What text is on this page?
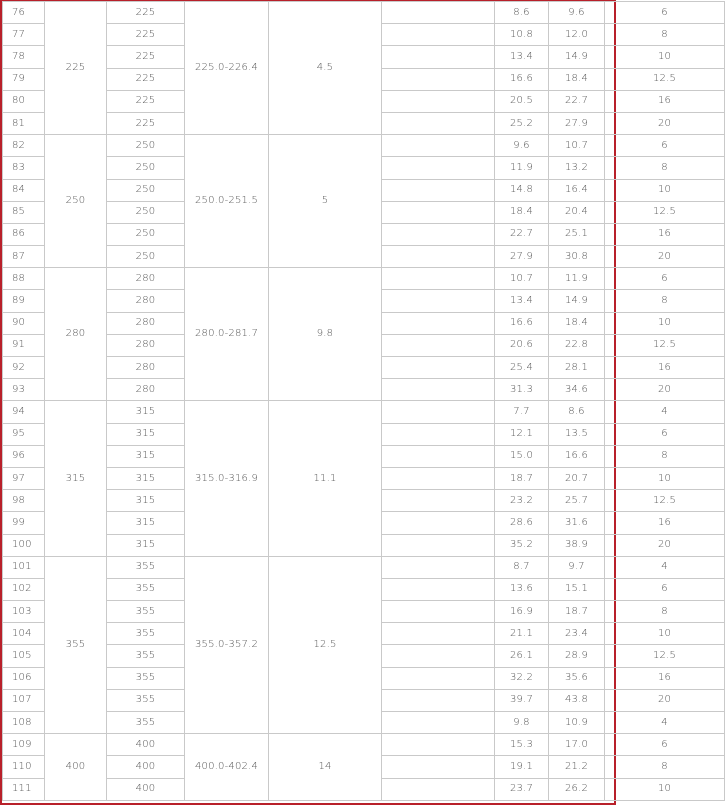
76	225	225	225.0-226.4	4.5		8.6	9.6	6
77		225				10.8	12.0	8
78		225				13.4	14.9	10
79		225				16.6	18.4	12.5
80		225				20.5	22.7	16
81		225				25.2	27.9	20
82	250	250	250.0-251.5	5		9.6	10.7	6
83		250				11.9	13.2	8
84		250				14.8	16.4	10
85		250				18.4	20.4	12.5
86		250				22.7	25.1	16
87		250				27.9	30.8	20
88	280	280	280.0-281.7	9.8		10.7	11.9	6
89		280				13.4	14.9	8
90		280				16.6	18.4	10
91		280				20.6	22.8	12.5
92		280				25.4	28.1	16
93		280				31.3	34.6	20
94	315	315	315.0-316.9	11.1		7.7	8.6	4
95		315				12.1	13.5	6
96		315				15.0	16.6	8
97		315				18.7	20.7	10
98		315				23.2	25.7	12.5
99		315				28.6	31.6	16
100		315				35.2	38.9	20
101	355	355	355.0-357.2	12.5		8.7	9.7	4
102		355				13.6	15.1	6
103		355				16.9	18.7	8
104		355				21.1	23.4	10
105		355				26.1	28.9	12.5
106		355				32.2	35.6	16
107		355				39.7	43.8	20
108		355				9.8	10.9	4
109	400	400	400.0-402.4	14		15.3	17.0	6
110		400				19.1	21.2	8
111		400				23.7	26.2	10
